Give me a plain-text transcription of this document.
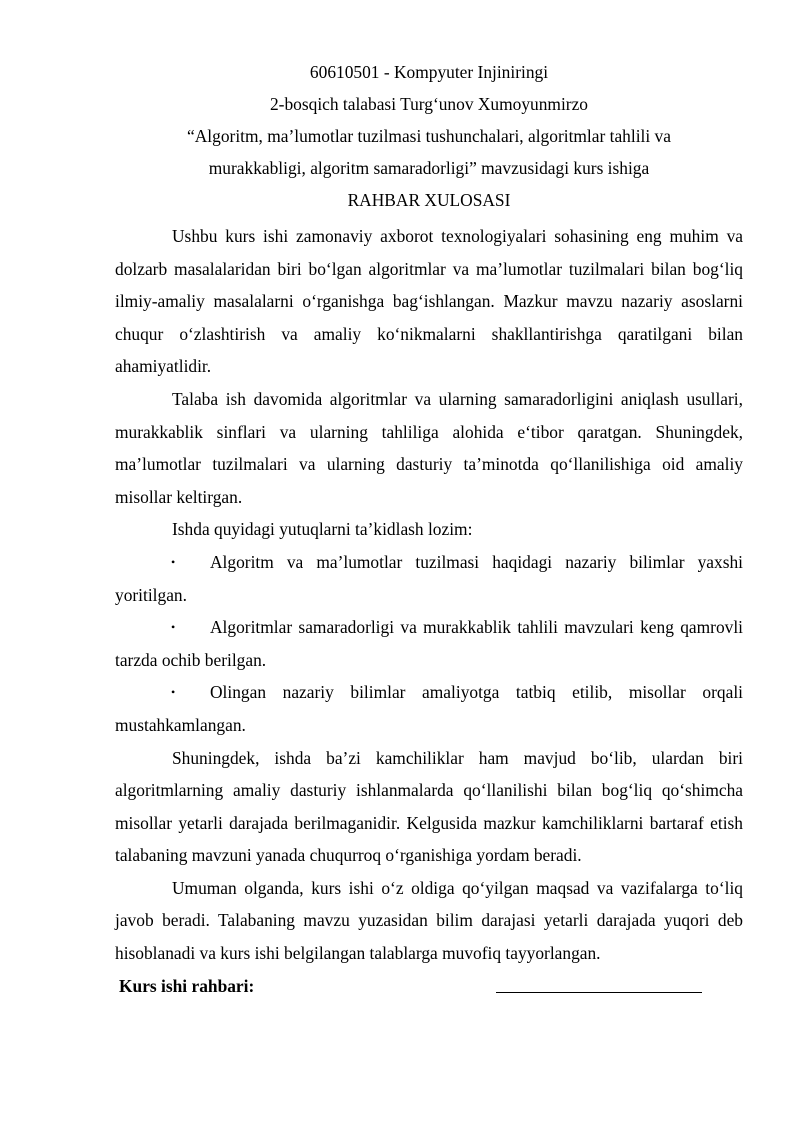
60610501 - Kompyuter Injiniringi

2-bosqich talabasi Turg‘unov Xumoyunmirzo

“Algoritm, ma’lumotlar tuzilmasi tushunchalari, algoritmlar tahlili va

murakkabligi, algoritm samaradorligi” mavzusidagi kurs ishiga

RAHBAR XULOSASI

Ushbu kurs ishi zamonaviy axborot texnologiyalari sohasining eng muhim va dolzarb masalalaridan biri bo‘lgan algoritmlar va ma’lumotlar tuzilmalari bilan bog‘liq ilmiy-amaliy masalalarni o‘rganishga bag‘ishlangan. Mazkur mavzu nazariy asoslarni chuqur o‘zlashtirish va amaliy ko‘nikmalarni shakllantirishga qaratilgani bilan ahamiyatlidir.

Talaba ish davomida algoritmlar va ularning samaradorligini aniqlash usullari, murakkablik sinflari va ularning tahliliga alohida e‘tibor qaratgan. Shuningdek, ma’lumotlar tuzilmalari va ularning dasturiy ta’minotda qo‘llanilishiga oid amaliy misollar keltirgan.

Ishda quyidagi yutuqlarni ta’kidlash lozim:

• Algoritm va ma’lumotlar tuzilmasi haqidagi nazariy bilimlar yaxshi yoritilgan.

• Algoritmlar samaradorligi va murakkablik tahlili mavzulari keng qamrovli tarzda ochib berilgan.

• Olingan nazariy bilimlar amaliyotga tatbiq etilib, misollar orqali mustahkamlangan.

Shuningdek, ishda ba’zi kamchiliklar ham mavjud bo‘lib, ulardan biri algoritmlarning amaliy dasturiy ishlanmalarda qo‘llanilishi bilan bog‘liq qo‘shimcha misollar yetarli darajada berilmaganidir. Kelgusida mazkur kamchiliklarni bartaraf etish talabaning mavzuni yanada chuqurroq o‘rganishiga yordam beradi.

Umuman olganda, kurs ishi o‘z oldiga qo‘yilgan maqsad va vazifalarga to‘liq javob beradi. Talabaning mavzu yuzasidan bilim darajasi yetarli darajada yuqori deb hisoblanadi va kurs ishi belgilangan talablarga muvofiq tayyorlangan.

Kurs ishi rahbari:
